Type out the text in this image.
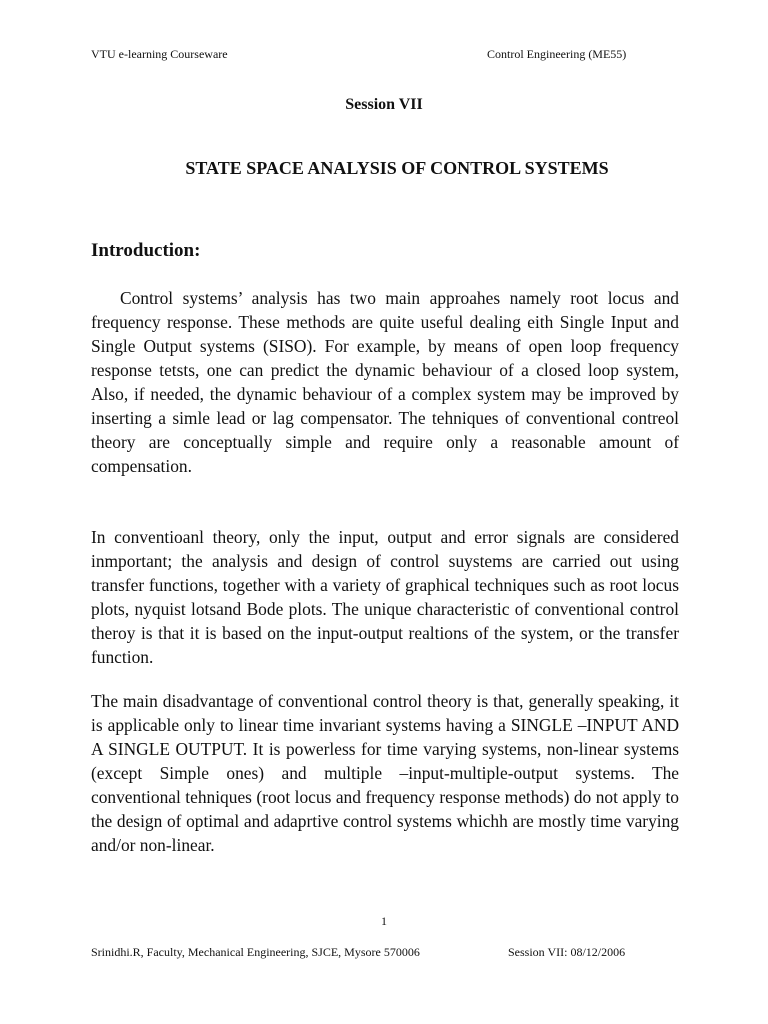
VTU e-learning Courseware	Control Engineering (ME55)
Session VII
STATE SPACE ANALYSIS OF CONTROL SYSTEMS
Introduction:

Control systems’ analysis has two main approahes namely root locus and frequency response. These methods are quite useful dealing eith Single Input and Single Output systems (SISO). For example, by means of open loop frequency response tetsts, one can predict the dynamic behaviour of a closed loop system, Also, if needed, the dynamic behaviour of a complex system may be improved by inserting a simle lead or lag compensator. The tehniques of conventional contreol theory are conceptually simple and require only a reasonable amount of compensation.

In conventioanl theory, only the input, output and error signals are considered inmportant; the analysis and design of control suystems are carried out using transfer functions, together with a variety of graphical techniques such as root locus plots, nyquist lotsand Bode plots. The unique characteristic of conventional control theroy is that it is based on the input-output realtions of the system, or the transfer function.

The main disadvantage of conventional control theory is that, generally speaking, it is applicable only to linear time invariant systems having a SINGLE –INPUT AND A SINGLE OUTPUT. It is powerless for time varying systems, non-linear systems (except Simple ones) and multiple –input-multiple-output systems. The conventional tehniques (root locus and frequency response methods) do not apply to the design of optimal and adaprtive control systems whichh are mostly time varying and/or non-linear.

1
Srinidhi.R, Faculty, Mechanical Engineering, SJCE, Mysore 570006	Session VII: 08/12/2006
